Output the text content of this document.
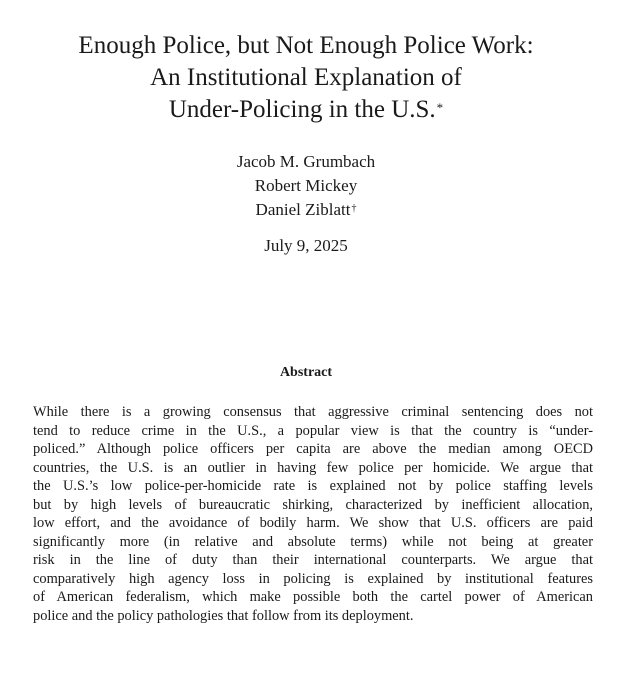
Enough Police, but Not Enough Police Work:
An Institutional Explanation of
Under-Policing in the U.S.*
Jacob M. Grumbach
Robert Mickey
Daniel Ziblatt†
July 9, 2025
Abstract
While there is a growing consensus that aggressive criminal sentencing does not
tend to reduce crime in the U.S., a popular view is that the country is “under-
policed.” Although police officers per capita are above the median among OECD
countries, the U.S. is an outlier in having few police per homicide. We argue that
the U.S.’s low police-per-homicide rate is explained not by police staffing levels
but by high levels of bureaucratic shirking, characterized by inefficient allocation,
low effort, and the avoidance of bodily harm. We show that U.S. officers are paid
significantly more (in relative and absolute terms) while not being at greater
risk in the line of duty than their international counterparts. We argue that
comparatively high agency loss in policing is explained by institutional features
of American federalism, which make possible both the cartel power of American
police and the policy pathologies that follow from its deployment.
